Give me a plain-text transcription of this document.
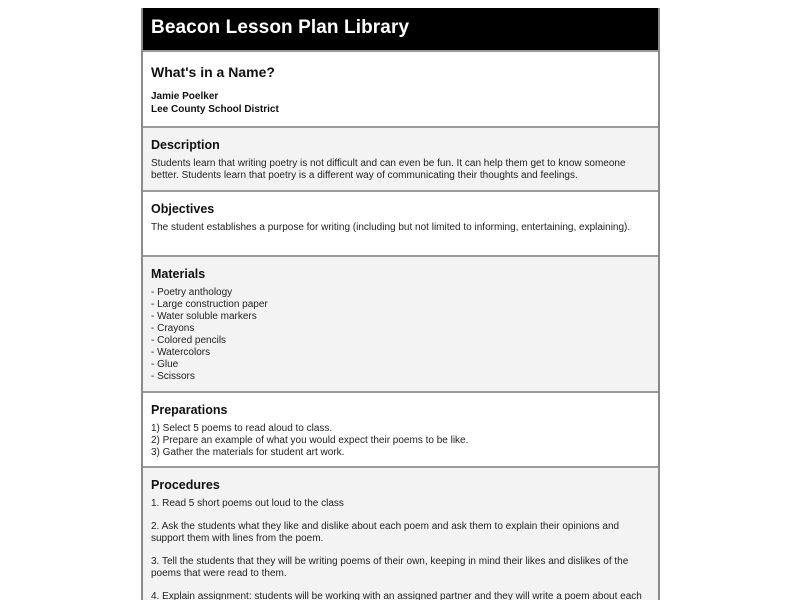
Beacon Lesson Plan Library
What's in a Name?
Jamie Poelker
Lee County School District
Description
Students learn that writing poetry is not difficult and can even be fun. It can help them get to know someone better. Students learn that poetry is a different way of communicating their thoughts and feelings.
Objectives
The student establishes a purpose for writing (including but not limited to informing, entertaining, explaining).
Materials
- Poetry anthology
- Large construction paper
- Water soluble markers
- Crayons
- Colored pencils
- Watercolors
- Glue
- Scissors
Preparations
1) Select 5 poems to read aloud to class.
2) Prepare an example of what you would expect their poems to be like.
3) Gather the materials for student art work.
Procedures
1. Read 5 short poems out loud to the class
2. Ask the students what they like and dislike about each poem and ask them to explain their opinions and support them with lines from the poem.
3. Tell the students that they will be writing poems of their own, keeping in mind their likes and dislikes of the poems that were read to them.
4. Explain assignment: students will be working with an assigned partner and they will write a poem about each
